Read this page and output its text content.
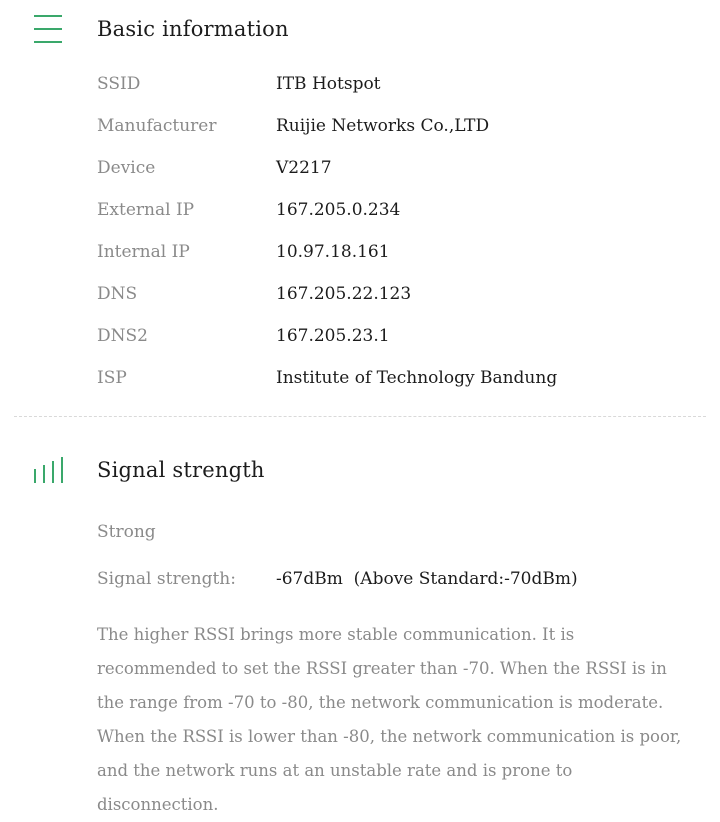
Basic information
SSID	ITB Hotspot
Manufacturer	Ruijie Networks Co.,LTD
Device	V2217
External IP	167.205.0.234
Internal IP	10.97.18.161
DNS	167.205.22.123
DNS2	167.205.23.1
ISP	Institute of Technology Bandung
Signal strength
Strong
Signal strength: -67dBm  (Above Standard:-70dBm)
The higher RSSI brings more stable communication. It is recommended to set the RSSI greater than -70. When the RSSI is in the range from -70 to -80, the network communication is moderate. When the RSSI is lower than -80, the network communication is poor, and the network runs at an unstable rate and is prone to disconnection.
